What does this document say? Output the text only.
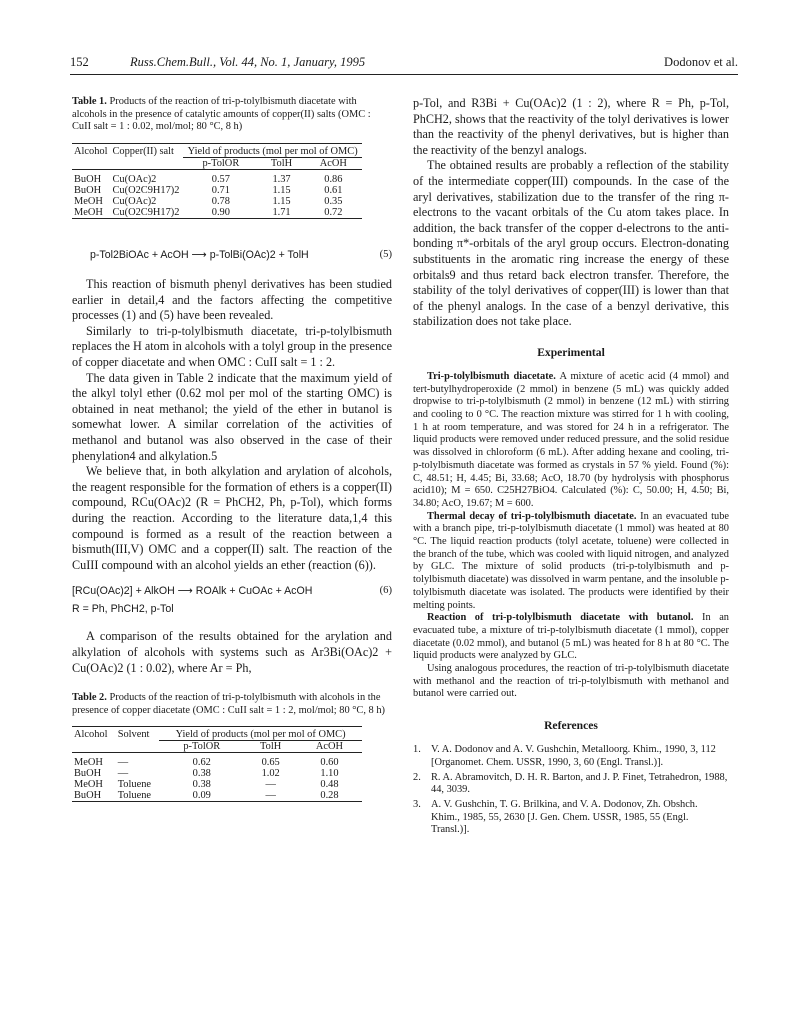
152	Russ.Chem.Bull., Vol. 44, No. 1, January, 1995	Dodonov et al.
Table 1. Products of the reaction of tri-p-tolylbismuth diacetate with alcohols in the presence of catalytic amounts of copper(II) salts (OMC : CuII salt = 1 : 0.02, mol/mol; 80 °C, 8 h)
Alcohol	Copper(II) salt	Yield of products (mol per mol of OMC)		
		p-TolOR	TolH	AcOH

BuOH	Cu(OAc)2	0.57	1.37	0.86
BuOH	Cu(O2C9H17)2	0.71	1.15	0.61
MeOH	Cu(OAc)2	0.78	1.15	0.35
MeOH	Cu(O2C9H17)2	0.90	1.71	0.72
p-Tol2BiOAc + AcOH ⟶ p-TolBi(OAc)2 + TolH	(5)

This reaction of bismuth phenyl derivatives has been studied earlier in detail,4 and the factors affecting the competitive processes (1) and (5) have been revealed.

Similarly to tri-p-tolylbismuth diacetate, tri-p-tolylbismuth replaces the H atom in alcohols with a tolyl group in the presence of copper diacetate and when OMC : CuII salt = 1 : 2.

The data given in Table 2 indicate that the maximum yield of the alkyl tolyl ether (0.62 mol per mol of the starting OMC) is obtained in neat methanol; the yield of the ether in butanol is somewhat lower. A similar correlation of the activities of methanol and butanol was also observed in the case of their phenylation4 and alkylation.5

We believe that, in both alkylation and arylation of alcohols, the reagent responsible for the formation of ethers is a copper(II) compound, RCu(OAc)2 (R = PhCH2, Ph, p-Tol), which forms during the reaction. According to the literature data,1,4 this compound is formed as a result of the reaction between a bismuth(III,V) OMC and a copper(II) salt. The reaction of the CuIII compound with an alcohol yields an ether (reaction (6)).

[RCu(OAc)2] + AlkOH ⟶ ROAlk + CuOAc + AcOH	(6)
R = Ph, PhCH2, p-Tol

A comparison of the results obtained for the arylation and alkylation of alcohols with systems such as Ar3Bi(OAc)2 + Cu(OAc)2 (1 : 0.02), where Ar = Ph,

Table 2. Products of the reaction of tri-p-tolylbismuth with alcohols in the presence of copper diacetate (OMC : CuII salt = 1 : 2, mol/mol; 80 °C, 8 h)
Alcohol	Solvent	Yield of products (mol per mol of OMC)		
		p-TolOR	TolH	AcOH

MeOH	—	0.62	0.65	0.60
BuOH	—	0.38	1.02	1.10
MeOH	Toluene	0.38	—	0.48
BuOH	Toluene	0.09	—	0.28

p-Tol, and R3Bi + Cu(OAc)2 (1 : 2), where R = Ph, p-Tol, PhCH2, shows that the reactivity of the tolyl derivatives is lower than the reactivity of the phenyl derivatives, but is higher than the reactivity of the benzyl analogs.

The obtained results are probably a reflection of the stability of the intermediate copper(III) compounds. In the case of the aryl derivatives, stabilization due to the transfer of the ring π-electrons to the vacant orbitals of the Cu atom takes place. In addition, the back transfer of the copper d-electrons to the anti-bonding π*-orbitals of the aryl group occurs. Electron-donating substituents in the aromatic ring increase the energy of these orbitals9 and thus retard back electron transfer. Therefore, the stability of the tolyl derivatives of copper(III) is lower than that of the phenyl analogs. In the case of a benzyl derivative, this stabilization does not take place.

Experimental

Tri-p-tolylbismuth diacetate. A mixture of acetic acid (4 mmol) and tert-butylhydroperoxide (2 mmol) in benzene (5 mL) was quickly added dropwise to tri-p-tolylbismuth (2 mmol) in benzene (12 mL) with stirring and cooling to 0 °C. The reaction mixture was stirred for 1 h with cooling, 1 h at room temperature, and was stored for 24 h in a refrigerator. The liquid products were removed under reduced pressure, and the solid residue was dissolved in chloroform (6 mL). After adding hexane and cooling, tri-p-tolylbismuth diacetate was formed as crystals in 57 % yield. Found (%): C, 48.51; H, 4.45; Bi, 33.68; AcO, 18.70 (by hydrolysis with phosphorus acid10); M = 650. C25H27BiO4. Calculated (%): C, 50.00; H, 4.50; Bi, 34.80; AcO, 19.67; M = 600.

Thermal decay of tri-p-tolylbismuth diacetate. In an evacuated tube with a branch pipe, tri-p-tolylbismuth diacetate (1 mmol) was heated at 80 °C. The liquid reaction products (tolyl acetate, toluene) were collected in the branch of the tube, which was cooled with liquid nitrogen, and analyzed by GLC. The mixture of solid products (tri-p-tolylbismuth and p-tolylbismuth diacetate) was dissolved in warm pentane, and the insoluble p-tolylbismuth diacetate was isolated. The products were identified by their melting points.

Reaction of tri-p-tolylbismuth diacetate with butanol. In an evacuated tube, a mixture of tri-p-tolylbismuth diacetate (1 mmol), copper diacetate (0.02 mmol), and butanol (5 mL) was heated for 8 h at 80 °C. The liquid products were analyzed by GLC.

Using analogous procedures, the reaction of tri-p-tolylbismuth diacetate with methanol and the reaction of tri-p-tolylbismuth with methanol and butanol were carried out.

References
1. V. A. Dodonov and A. V. Gushchin, Metalloorg. Khim., 1990, 3, 112 [Organomet. Chem. USSR, 1990, 3, 60 (Engl. Transl.)].
2. R. A. Abramovitch, D. H. R. Barton, and J. P. Finet, Tetrahedron, 1988, 44, 3039.
3. A. V. Gushchin, T. G. Brilkina, and V. A. Dodonov, Zh. Obshch. Khim., 1985, 55, 2630 [J. Gen. Chem. USSR, 1985, 55 (Engl. Transl.)].
